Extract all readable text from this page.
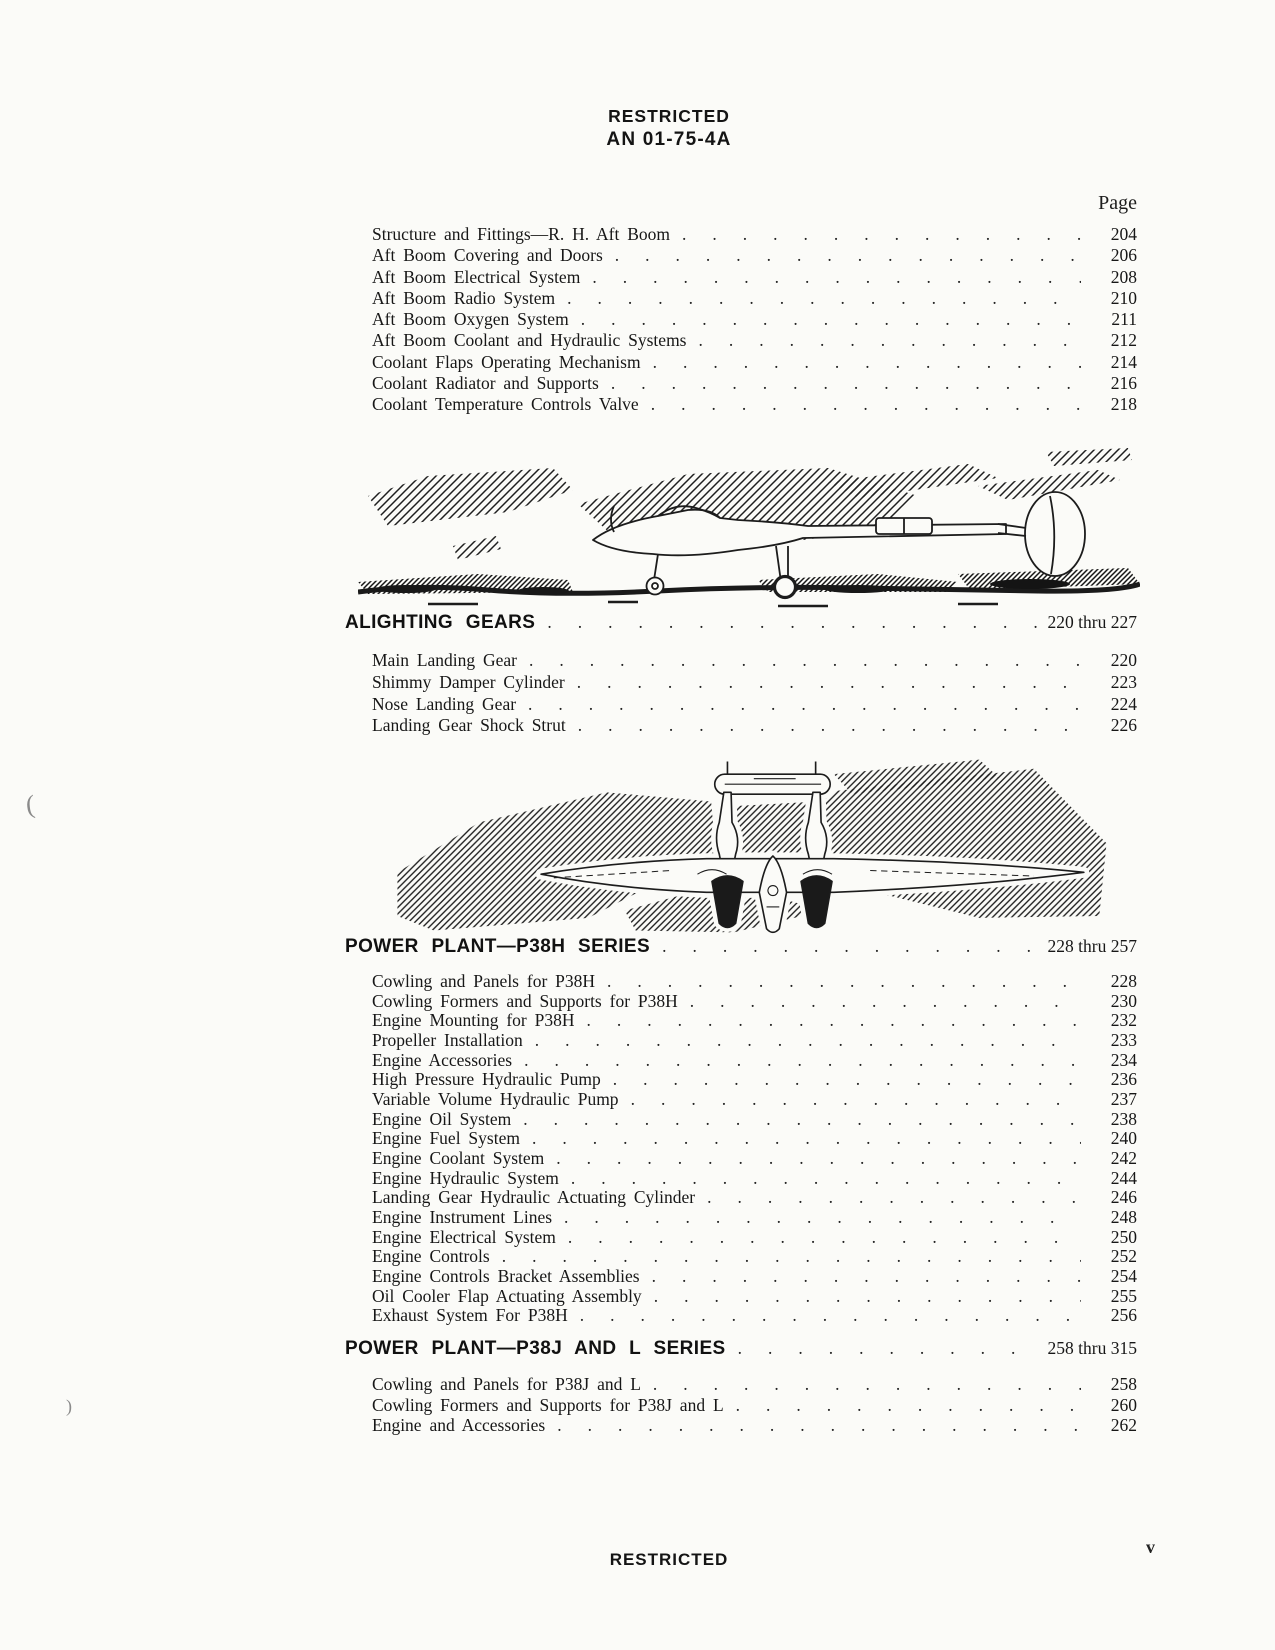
RESTRICTED
AN 01-75-4A
Page
Structure and Fittings—R. H. Aft Boom .....	204
Aft Boom Covering and Doors .....	206
Aft Boom Electrical System .....	208
Aft Boom Radio System .....	210
Aft Boom Oxygen System .....	211
Aft Boom Coolant and Hydraulic Systems .....	212
Coolant Flaps Operating Mechanism .....	214
Coolant Radiator and Supports .....	216
Coolant Temperature Controls Valve .....	218
ALIGHTING GEARS .....	220 thru 227
Main Landing Gear .....	220
Shimmy Damper Cylinder .....	223
Nose Landing Gear .....	224
Landing Gear Shock Strut .....	226
POWER PLANT—P38H SERIES .....	228 thru 257
Cowling and Panels for P38H .....	228
Cowling Formers and Supports for P38H .....	230
Engine Mounting for P38H .....	232
Propeller Installation .....	233
Engine Accessories .....	234
High Pressure Hydraulic Pump .....	236
Variable Volume Hydraulic Pump .....	237
Engine Oil System .....	238
Engine Fuel System .....	240
Engine Coolant System .....	242
Engine Hydraulic System .....	244
Landing Gear Hydraulic Actuating Cylinder .....	246
Engine Instrument Lines .....	248
Engine Electrical System .....	250
Engine Controls .....	252
Engine Controls Bracket Assemblies .....	254
Oil Cooler Flap Actuating Assembly .....	255
Exhaust System For P38H .....	256
POWER PLANT—P38J AND L SERIES .....	258 thru 315
Cowling and Panels for P38J and L .....	258
Cowling Formers and Supports for P38J and L .....	260
Engine and Accessories .....	262
RESTRICTED
v
(
)
